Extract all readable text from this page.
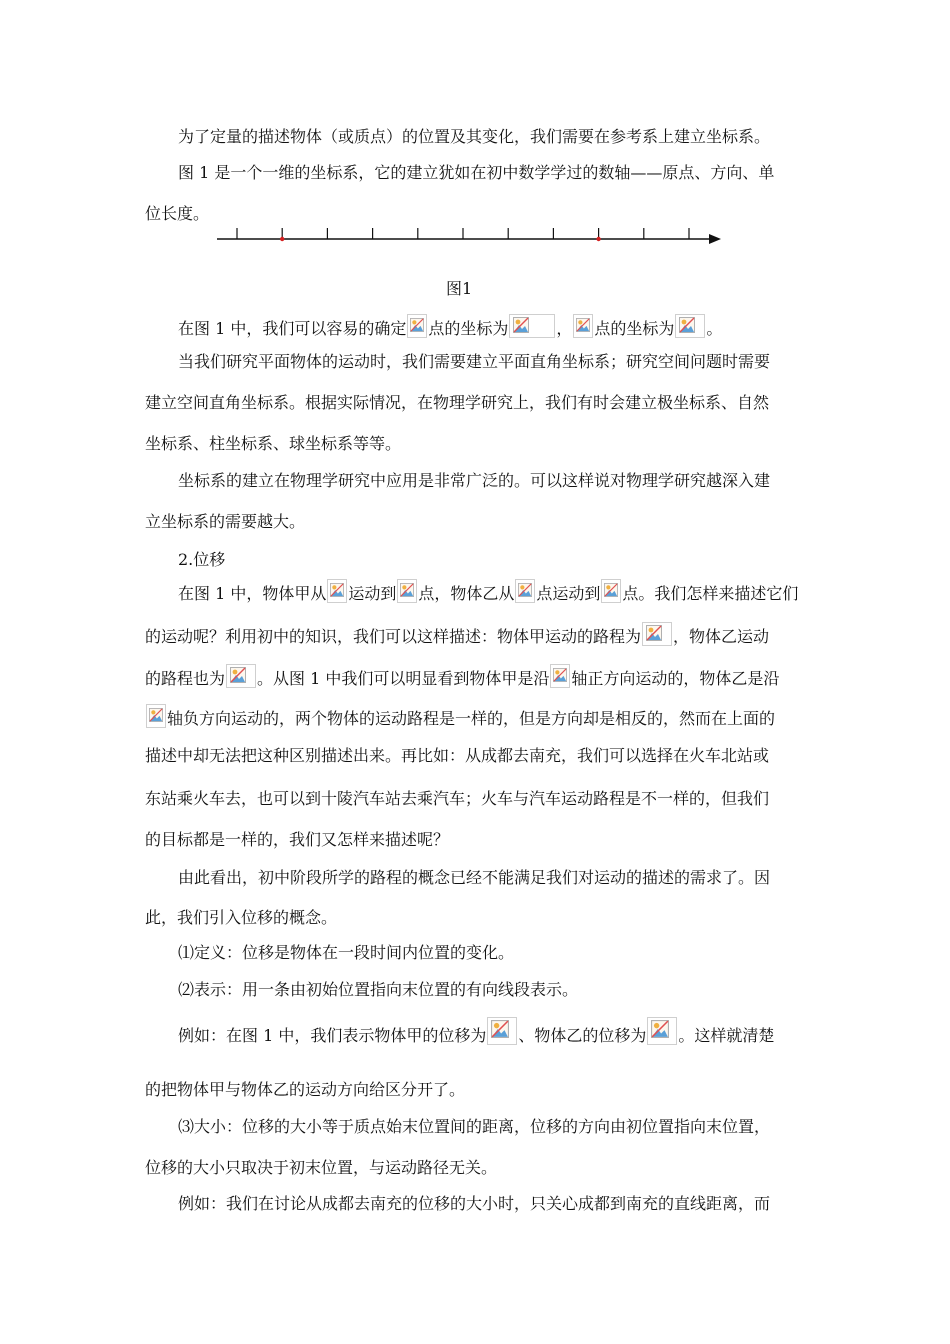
为了定量的描述物体（或质点）的位置及其变化，我们需要在参考系上建立坐标系。
图 1 是一个一维的坐标系，它的建立犹如在初中数学学过的数轴——原点、方向、单
位长度。
图1
在图 1 中，我们可以容易的确定 点的坐标为	， 点的坐标为 。
当我们研究平面物体的运动时，我们需要建立平面直角坐标系；研究空间问题时需要
建立空间直角坐标系。根据实际情况，在物理学研究上，我们有时会建立极坐标系、自然
坐标系、柱坐标系、球坐标系等等。
坐标系的建立在物理学研究中应用是非常广泛的。可以这样说对物理学研究越深入建
立坐标系的需要越大。
2.位移
在图 1 中，物体甲从 运动到 点，物体乙从 点运动到 点。我们怎样来描述它们
的运动呢？利用初中的知识，我们可以这样描述：物体甲运动的路程为 ，物体乙运动
的路程也为 。从图 1 中我们可以明显看到物体甲是沿 轴正方向运动的，物体乙是沿
轴负方向运动的，两个物体的运动路程是一样的，但是方向却是相反的，然而在上面的
描述中却无法把这种区别描述出来。再比如：从成都去南充，我们可以选择在火车北站或
东站乘火车去，也可以到十陵汽车站去乘汽车；火车与汽车运动路程是不一样的，但我们
的目标都是一样的，我们又怎样来描述呢？
由此看出，初中阶段所学的路程的概念已经不能满足我们对运动的描述的需求了。因
此，我们引入位移的概念。
⑴定义：位移是物体在一段时间内位置的变化。
⑵表示：用一条由初始位置指向末位置的有向线段表示。
例如：在图 1 中，我们表示物体甲的位移为 、物体乙的位移为 。这样就清楚
的把物体甲与物体乙的运动方向给区分开了。
⑶大小：位移的大小等于质点始末位置间的距离，位移的方向由初位置指向末位置，
位移的大小只取决于初末位置，与运动路径无关。
例如：我们在讨论从成都去南充的位移的大小时，只关心成都到南充的直线距离，而
